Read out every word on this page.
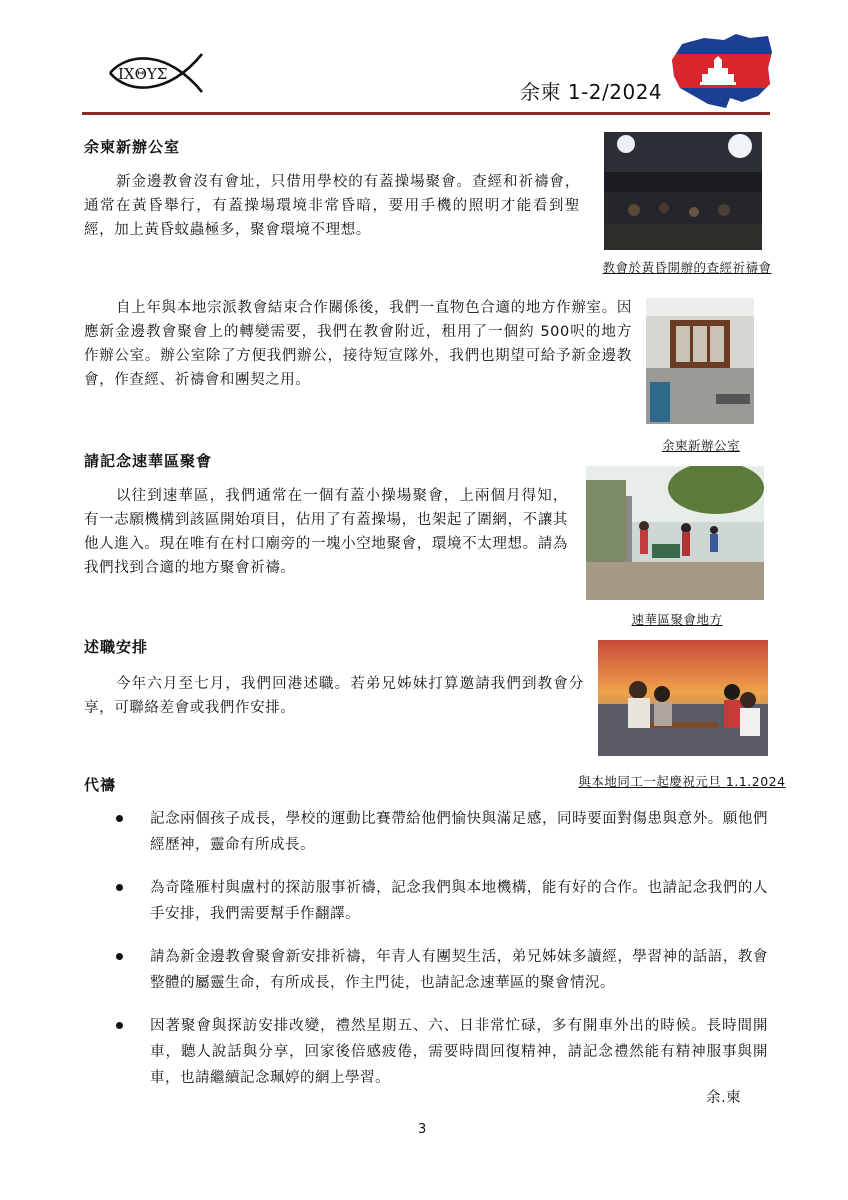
ΙΧΘΥΣ
余柬 1-2/2024
余柬新辦公室
新金邊教會沒有會址，只借用學校的有蓋操場聚會。查經和祈禱會，通常在黃昏舉行，有蓋操場環境非常昏暗，要用手機的照明才能看到聖經，加上黃昏蚊蟲極多，聚會環境不理想。
教會於黃昏開辦的查經祈禱會
自上年與本地宗派教會結束合作關係後，我們一直物色合適的地方作辦室。因應新金邊教會聚會上的轉變需要，我們在教會附近，租用了一個約 500呎的地方作辦公室。辦公室除了方便我們辦公，接待短宣隊外，我們也期望可給予新金邊教會，作查經、祈禱會和團契之用。
余柬新辦公室
請記念速華區聚會
以往到速華區，我們通常在一個有蓋小操場聚會，上兩個月得知，有一志願機構到該區開始項目，佔用了有蓋操場，也架起了圍網，不讓其他人進入。現在唯有在村口廟旁的一塊小空地聚會，環境不太理想。請為我們找到合適的地方聚會祈禱。
速華區聚會地方
述職安排
今年六月至七月，我們回港述職。若弟兄姊妹打算邀請我們到教會分享，可聯絡差會或我們作安排。
與本地同工一起慶祝元旦 1.1.2024
代禱
記念兩個孩子成長，學校的運動比賽帶給他們愉快與滿足感，同時要面對傷患與意外。願他們經歷神，靈命有所成長。
為奇隆雁村與盧村的探訪服事祈禱，記念我們與本地機構，能有好的合作。也請記念我們的人手安排，我們需要幫手作翻譯。
請為新金邊教會聚會新安排祈禱，年青人有團契生活，弟兄姊妹多讀經，學習神的話語，教會整體的屬靈生命，有所成長，作主門徒，也請記念速華區的聚會情況。
因著聚會與探訪安排改變，禮然星期五、六、日非常忙碌，多有開車外出的時候。長時間開車，聽人說話與分享，回家後倍感疲倦，需要時間回復精神，請記念禮然能有精神服事與開車，也請繼續記念珮婷的網上學習。
余.柬
3
